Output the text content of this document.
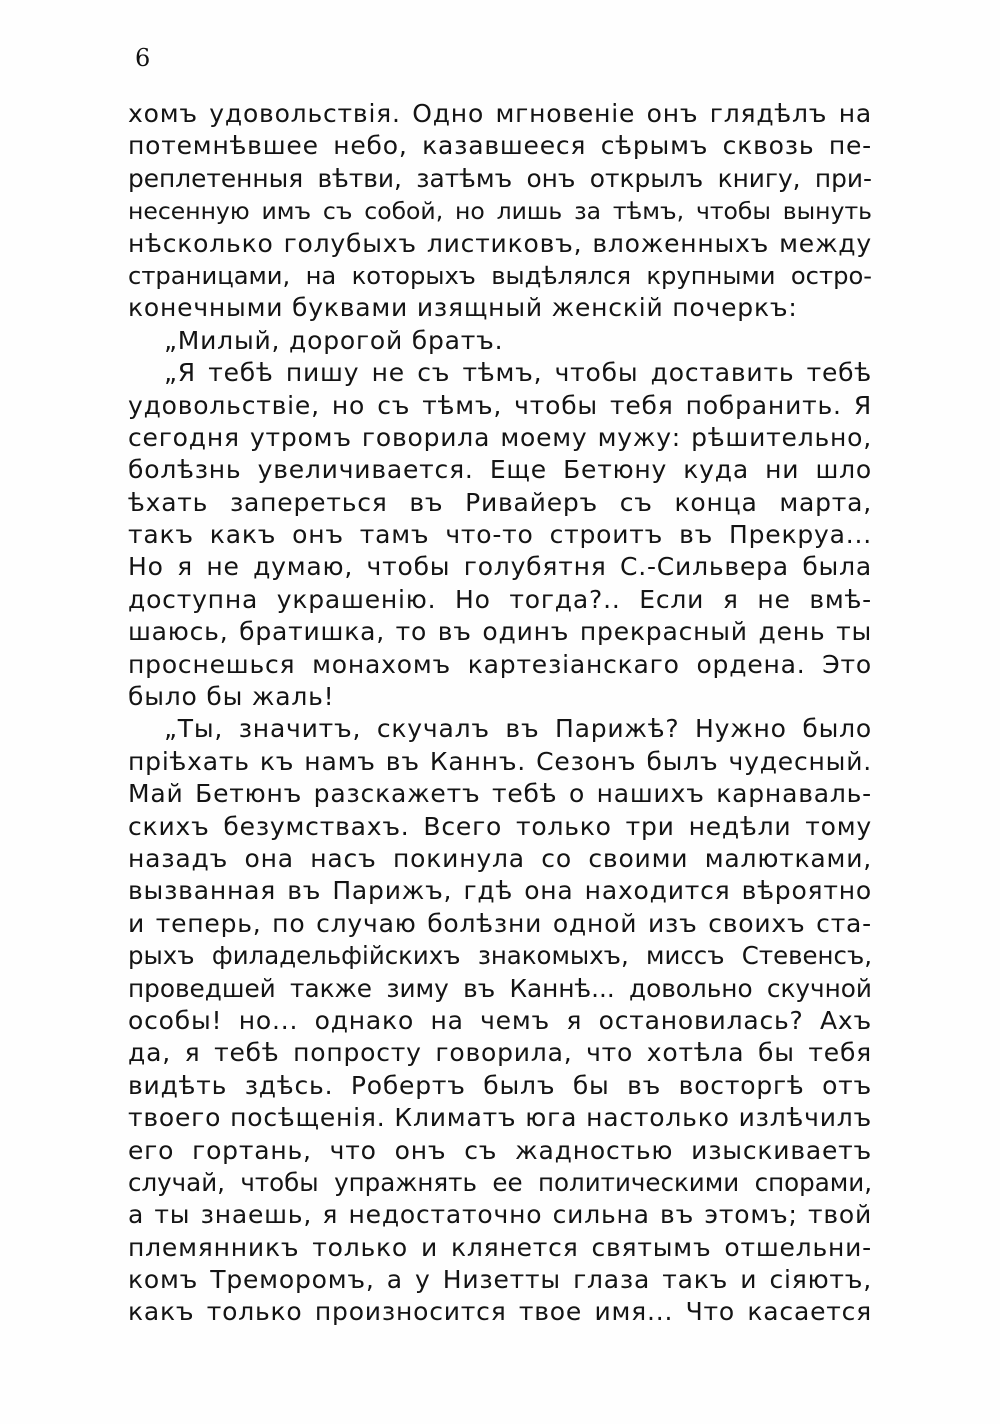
6
хомъ удовольствія. Одно мгновеніе онъ глядѣлъ на
потемнѣвшее небо, казавшееся сѣрымъ сквозь пе-
реплетенныя вѣтви, затѣмъ онъ открылъ книгу, при-
несенную имъ съ собой, но лишь за тѣмъ, чтобы вынуть
нѣсколько голубыхъ листиковъ, вложенныхъ между
страницами, на которыхъ выдѣлялся крупными остро-
конечными буквами изящный женскій почеркъ:
„Милый, дорогой братъ.
„Я тебѣ пишу не съ тѣмъ, чтобы доставить тебѣ
удовольствіе, но съ тѣмъ, чтобы тебя побранить. Я
сегодня утромъ говорила моему мужу: рѣшительно,
болѣзнь увеличивается. Еще Бетюну куда ни шло
ѣхать запереться въ Ривайеръ съ конца марта,
такъ какъ онъ тамъ что-то строитъ въ Прекруа...
Но я не думаю, чтобы голубятня С.-Сильвера была
доступна украшенію. Но тогда?.. Если я не вмѣ-
шаюсь, братишка, то въ одинъ прекрасный день ты
проснешься монахомъ картезіанскаго ордена. Это
было бы жаль!
„Ты, значитъ, скучалъ въ Парижѣ? Нужно было
пріѣхать къ намъ въ Каннъ. Сезонъ былъ чудесный.
Май Бетюнъ разскажетъ тебѣ о нашихъ карнаваль-
скихъ безумствахъ. Всего только три недѣли тому
назадъ она насъ покинула со своими малютками,
вызванная въ Парижъ, гдѣ она находится вѣроятно
и теперь, по случаю болѣзни одной изъ своихъ ста-
рыхъ филадельфійскихъ знакомыхъ, миссъ Стевенсъ,
проведшей также зиму въ Каннѣ... довольно скучной
особы! но... однако на чемъ я остановилась? Ахъ
да, я тебѣ попросту говорила, что хотѣла бы тебя
видѣть здѣсь. Робертъ былъ бы въ восторгѣ отъ
твоего посѣщенія. Климатъ юга настолько излѣчилъ
его гортань, что онъ съ жадностью изыскиваетъ
случай, чтобы упражнять ее политическими спорами,
а ты знаешь, я недостаточно сильна въ этомъ; твой
племянникъ только и клянется святымъ отшельни-
комъ Треморомъ, а у Низетты глаза такъ и сіяютъ,
какъ только произносится твое имя... Что касается
